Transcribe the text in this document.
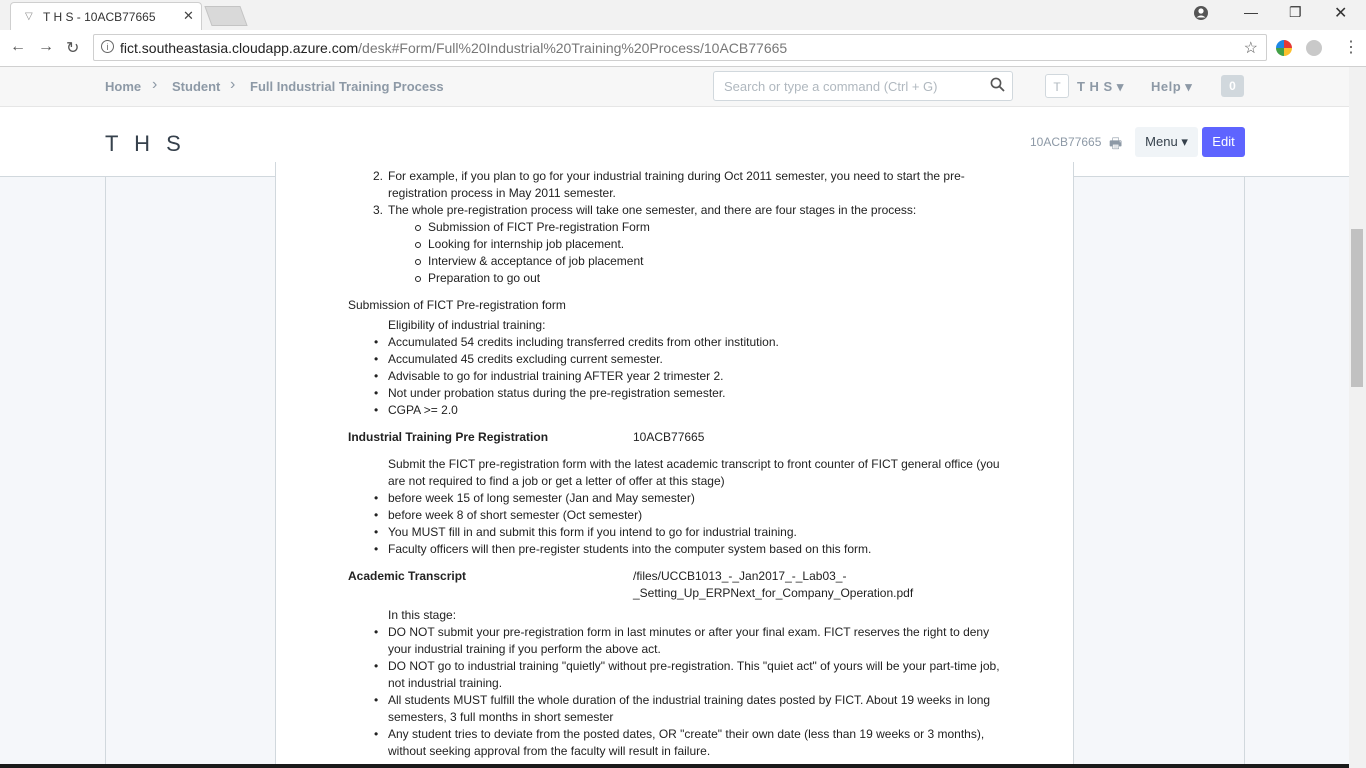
▽ T H S - 10ACB77665 ✕	— ❐ ✕
← → ↻	i fict.southeastasia.cloudapp.azure.com/desk#Form/Full%20Industrial%20Training%20Process/10ACB77665	☆	⋮
Home › Student › Full Industrial Training Process	Search or type a command (Ctrl + G)	T	T H S ▾ Help ▾	0
T H S	10ACB77665 🖶	Menu ▾	Edit
2. For example, if you plan to go for your industrial training during Oct 2011 semester, you need to start the pre-
registration process in May 2011 semester.
3. The whole pre-registration process will take one semester, and there are four stages in the process:
Submission of FICT Pre-registration Form
Looking for internship job placement.
Interview & acceptance of job placement
Preparation to go out
Submission of FICT Pre-registration form
Eligibility of industrial training:
• Accumulated 54 credits including transferred credits from other institution.
• Accumulated 45 credits excluding current semester.
• Advisable to go for industrial training AFTER year 2 trimester 2.
• Not under probation status during the pre-registration semester.
• CGPA >= 2.0
Industrial Training Pre Registration	10ACB77665
Submit the FICT pre-registration form with the latest academic transcript to front counter of FICT general office (you
are not required to find a job or get a letter of offer at this stage)
• before week 15 of long semester (Jan and May semester)
• before week 8 of short semester (Oct semester)
• You MUST fill in and submit this form if you intend to go for industrial training.
• Faculty officers will then pre-register students into the computer system based on this form.
Academic Transcript	/files/UCCB1013_-_Jan2017_-_Lab03_-
_Setting_Up_ERPNext_for_Company_Operation.pdf
In this stage:
• DO NOT submit your pre-registration form in last minutes or after your final exam. FICT reserves the right to deny
your industrial training if you perform the above act.
• DO NOT go to industrial training "quietly" without pre-registration. This "quiet act" of yours will be your part-time job,
not industrial training.
• All students MUST fulfill the whole duration of the industrial training dates posted by FICT. About 19 weeks in long
semesters, 3 full months in short semester
• Any student tries to deviate from the posted dates, OR "create" their own date (less than 19 weeks or 3 months),
without seeking approval from the faculty will result in failure.
